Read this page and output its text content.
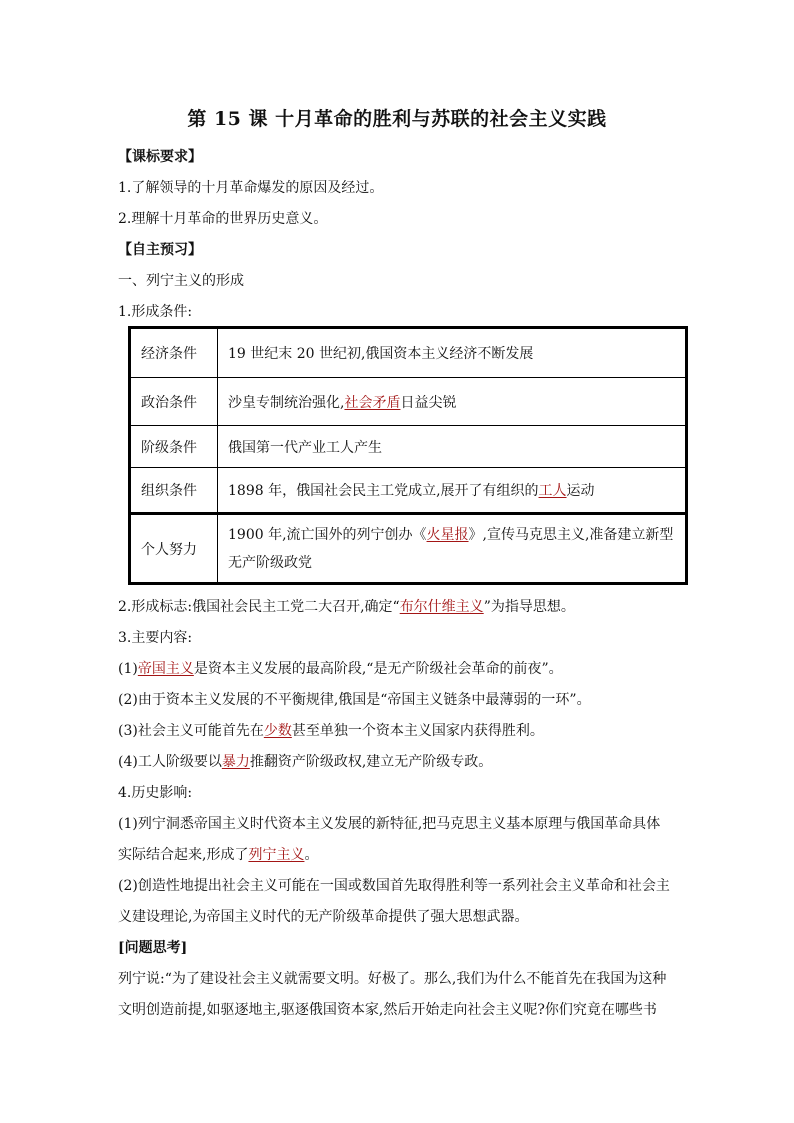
第 15 课 十月革命的胜利与苏联的社会主义实践
【课标要求】
1.了解领导的十月革命爆发的原因及经过。
2.理解十月革命的世界历史意义。
【自主预习】
一、列宁主义的形成
1.形成条件:
经济条件	19 世纪末 20 世纪初,俄国资本主义经济不断发展
政治条件	沙皇专制统治强化,社会矛盾日益尖锐
阶级条件	俄国第一代产业工人产生
组织条件	1898 年，俄国社会民主工党成立,展开了有组织的工人运动
个人努力	1900 年,流亡国外的列宁创办《火星报》,宣传马克思主义,准备建立新型无产阶级政党
2.形成标志:俄国社会民主工党二大召开,确定“布尔什维主义”为指导思想。
3.主要内容:
(1)帝国主义是资本主义发展的最高阶段,“是无产阶级社会革命的前夜”。
(2)由于资本主义发展的不平衡规律,俄国是“帝国主义链条中最薄弱的一环”。
(3)社会主义可能首先在少数甚至单独一个资本主义国家内获得胜利。
(4)工人阶级要以暴力推翻资产阶级政权,建立无产阶级专政。
4.历史影响:
(1)列宁洞悉帝国主义时代资本主义发展的新特征,把马克思主义基本原理与俄国革命具体
实际结合起来,形成了列宁主义。
(2)创造性地提出社会主义可能在一国或数国首先取得胜利等一系列社会主义革命和社会主
义建设理论,为帝国主义时代的无产阶级革命提供了强大思想武器。
[问题思考]
列宁说:“为了建设社会主义就需要文明。好极了。那么,我们为什么不能首先在我国为这种
文明创造前提,如驱逐地主,驱逐俄国资本家,然后开始走向社会主义呢?你们究竟在哪些书
